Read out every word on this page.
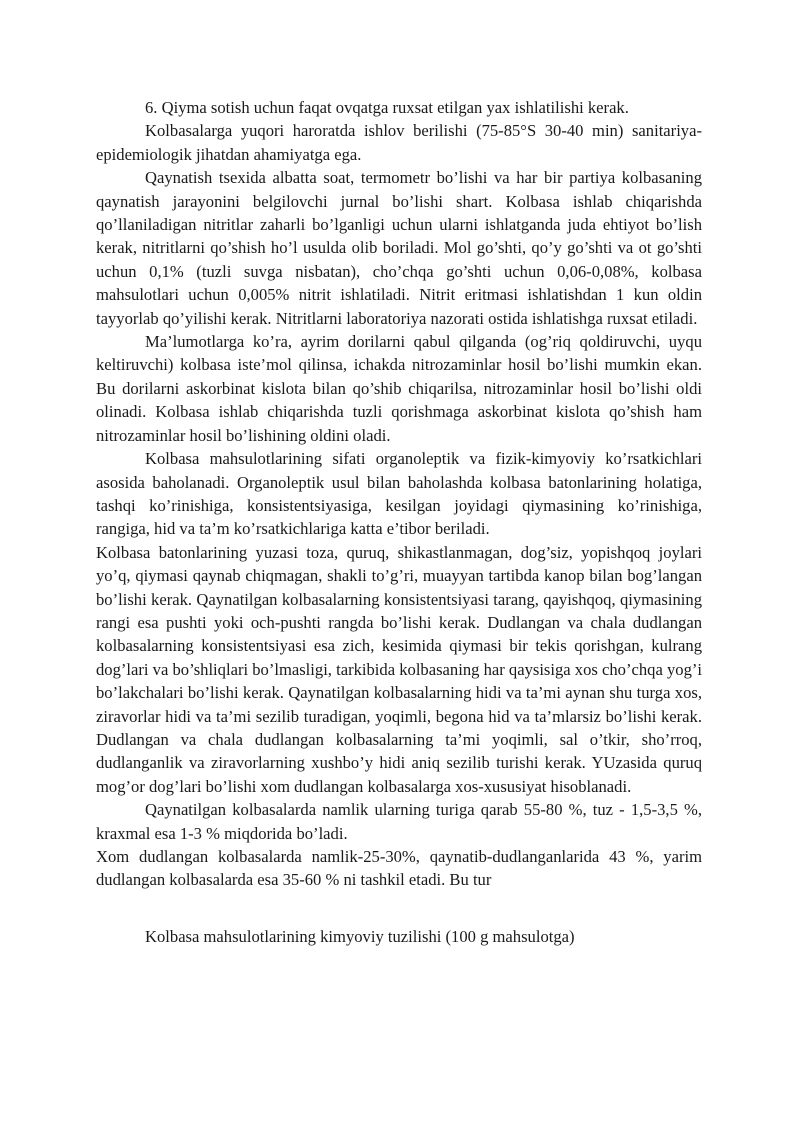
6. Qiyma sotish uchun faqat ovqatga ruxsat etilgan yax ishlatilishi kerak.

Kolbasalarga yuqori haroratda ishlov berilishi (75-85°S 30-40 min) sanitariya-epidemiologik jihatdan ahamiyatga ega.

Qaynatish tsexida albatta soat, termometr bo’lishi va har bir partiya kolbasaning qaynatish jarayonini belgilovchi jurnal bo’lishi shart. Kolbasa ishlab chiqarishda qo’llaniladigan nitritlar zaharli bo’lganligi uchun ularni ishlatganda juda ehtiyot bo’lish kerak, nitritlarni qo’shish ho’l usulda olib boriladi. Mol go’shti, qo’y go’shti va ot go’shti uchun 0,1% (tuzli suvga nisbatan), cho’chqa go’shti uchun 0,06-0,08%, kolbasa mahsulotlari uchun 0,005% nitrit ishlatiladi. Nitrit eritmasi ishlatishdan 1 kun oldin tayyorlab qo’yilishi kerak. Nitritlarni laboratoriya nazorati ostida ishlatishga ruxsat etiladi.

Ma’lumotlarga ko’ra, ayrim dorilarni qabul qilganda (og’riq qoldiruvchi, uyqu keltiruvchi) kolbasa iste’mol qilinsa, ichakda nitrozaminlar hosil bo’lishi mumkin ekan. Bu dorilarni askorbinat kislota bilan qo’shib chiqarilsa, nitrozaminlar hosil bo’lishi oldi olinadi. Kolbasa ishlab chiqarishda tuzli qorishmaga askorbinat kislota qo’shish ham nitrozaminlar hosil bo’lishining oldini oladi.

Kolbasa mahsulotlarining sifati organoleptik va fizik-kimyoviy ko’rsatkichlari asosida baholanadi. Organoleptik usul bilan baholashda kolbasa batonlarining holatiga, tashqi ko’rinishiga, konsistentsiyasiga, kesilgan joyidagi qiymasining ko’rinishiga, rangiga, hid va ta’m ko’rsatkichlariga katta e’tibor beriladi.

Kolbasa batonlarining yuzasi toza, quruq, shikastlanmagan, dog’siz, yopishqoq joylari yo’q, qiymasi qaynab chiqmagan, shakli to’g’ri, muayyan tartibda kanop bilan bog’langan bo’lishi kerak. Qaynatilgan kolbasalarning konsistentsiyasi tarang, qayishqoq, qiymasining rangi esa pushti yoki och-pushti rangda bo’lishi kerak. Dudlangan va chala dudlangan kolbasalarning konsistentsiyasi esa zich, kesimida qiymasi bir tekis qorishgan, kulrang dog’lari va bo’shliqlari bo’lmasligi, tarkibida kolbasaning har qaysisiga xos cho’chqa yog’i bo’lakchalari bo’lishi kerak. Qaynatilgan kolbasalarning hidi va ta’mi aynan shu turga xos, ziravorlar hidi va ta’mi sezilib turadigan, yoqimli, begona hid va ta’mlarsiz bo’lishi kerak. Dudlangan va chala dudlangan kolbasalarning ta’mi yoqimli, sal o’tkir, sho’rroq, dudlanganlik va ziravorlarning xushbo’y hidi aniq sezilib turishi kerak. YUzasida quruq mog’or dog’lari bo’lishi xom dudlangan kolbasalarga xos-xususiyat hisoblanadi.

Qaynatilgan kolbasalarda namlik ularning turiga qarab 55-80 %, tuz - 1,5-3,5 %, kraxmal esa 1-3 % miqdorida bo’ladi.

Xom dudlangan kolbasalarda namlik-25-30%, qaynatib-dudlanganlarida 43 %, yarim dudlangan kolbasalarda esa 35-60 % ni tashkil etadi. Bu tur

Kolbasa mahsulotlarining kimyoviy tuzilishi (100 g mahsulotga)
